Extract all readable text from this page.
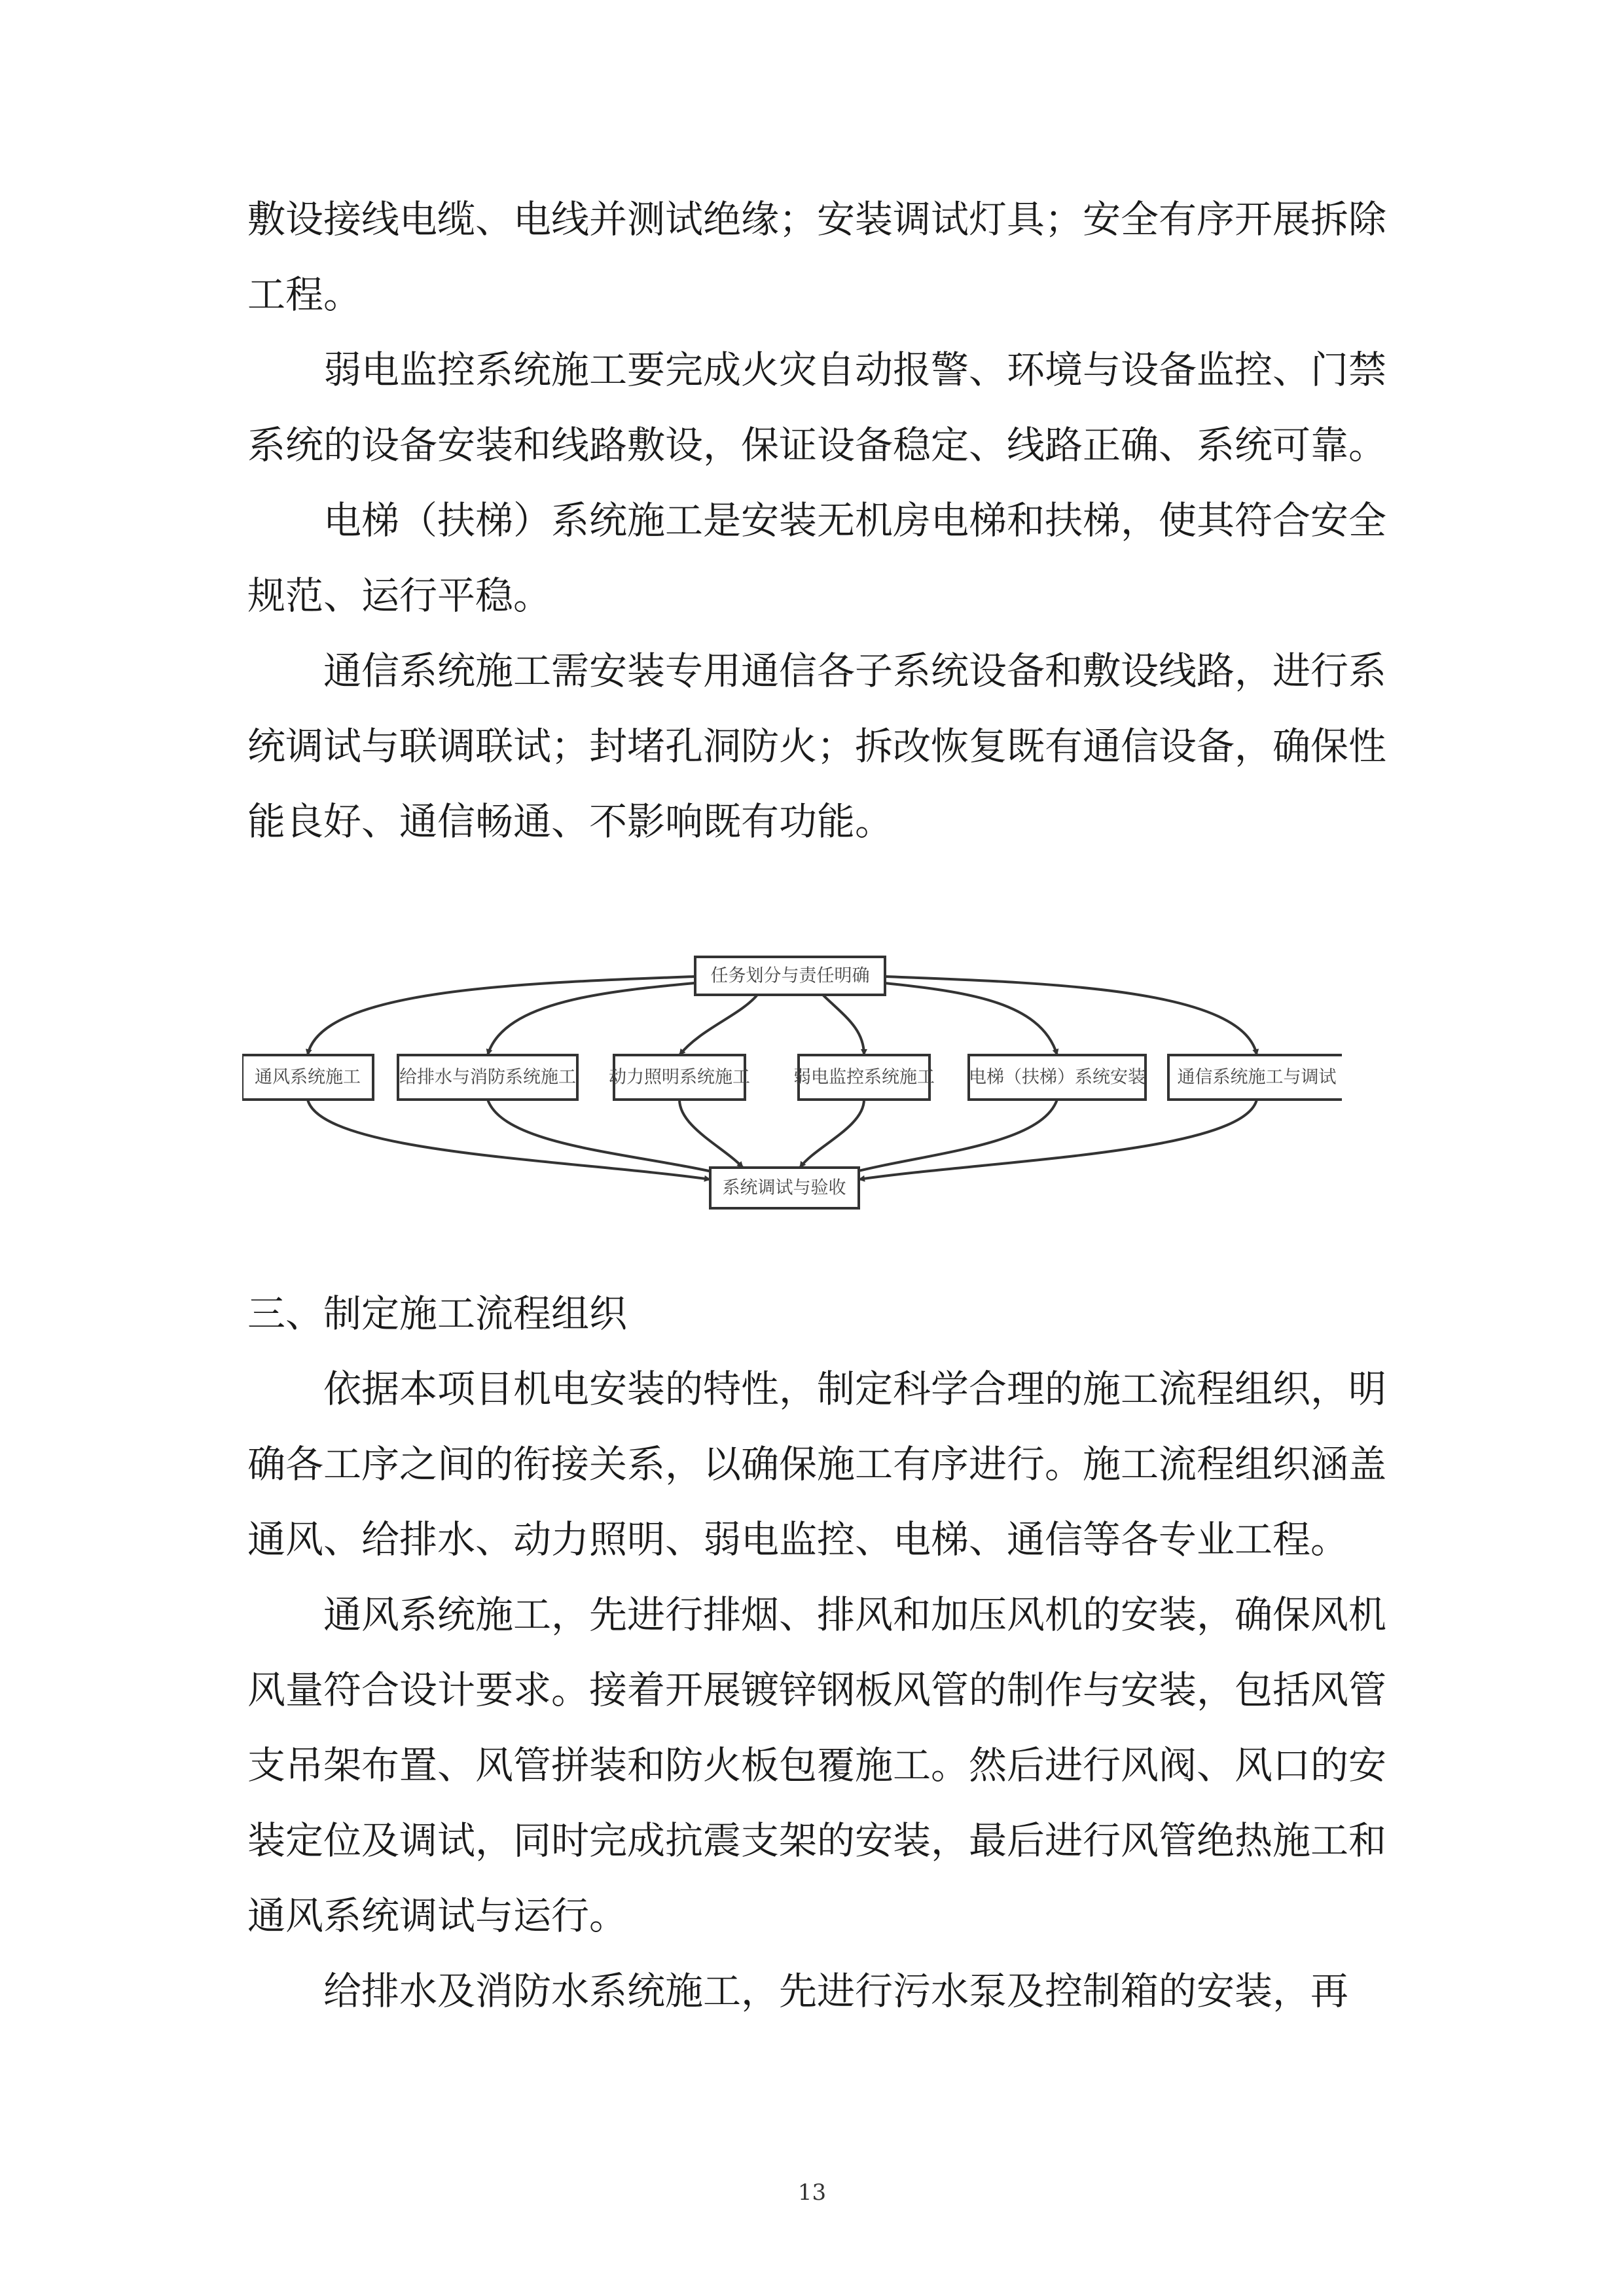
敷设接线电缆、电线并测试绝缘；安装调试灯具；安全有序开展拆除工程。

弱电监控系统施工要完成火灾自动报警、环境与设备监控、门禁系统的设备安装和线路敷设，保证设备稳定、线路正确、系统可靠。

电梯（扶梯）系统施工是安装无机房电梯和扶梯，使其符合安全规范、运行平稳。

通信系统施工需安装专用通信各子系统设备和敷设线路，进行系统调试与联调联试；封堵孔洞防火；拆改恢复既有通信设备，确保性能良好、通信畅通、不影响既有功能。

任务划分与责任明确
通风系统施工 给排水与消防系统施工 动力照明系统施工 弱电监控系统施工 电梯（扶梯）系统安装 通信系统施工与调试
系统调试与验收

三、制定施工流程组织

依据本项目机电安装的特性，制定科学合理的施工流程组织，明确各工序之间的衔接关系，以确保施工有序进行。施工流程组织涵盖通风、给排水、动力照明、弱电监控、电梯、通信等各专业工程。

通风系统施工，先进行排烟、排风和加压风机的安装，确保风机风量符合设计要求。接着开展镀锌钢板风管的制作与安装，包括风管支吊架布置、风管拼装和防火板包覆施工。然后进行风阀、风口的安装定位及调试，同时完成抗震支架的安装，最后进行风管绝热施工和通风系统调试与运行。

给排水及消防水系统施工，先进行污水泵及控制箱的安装，再

13
